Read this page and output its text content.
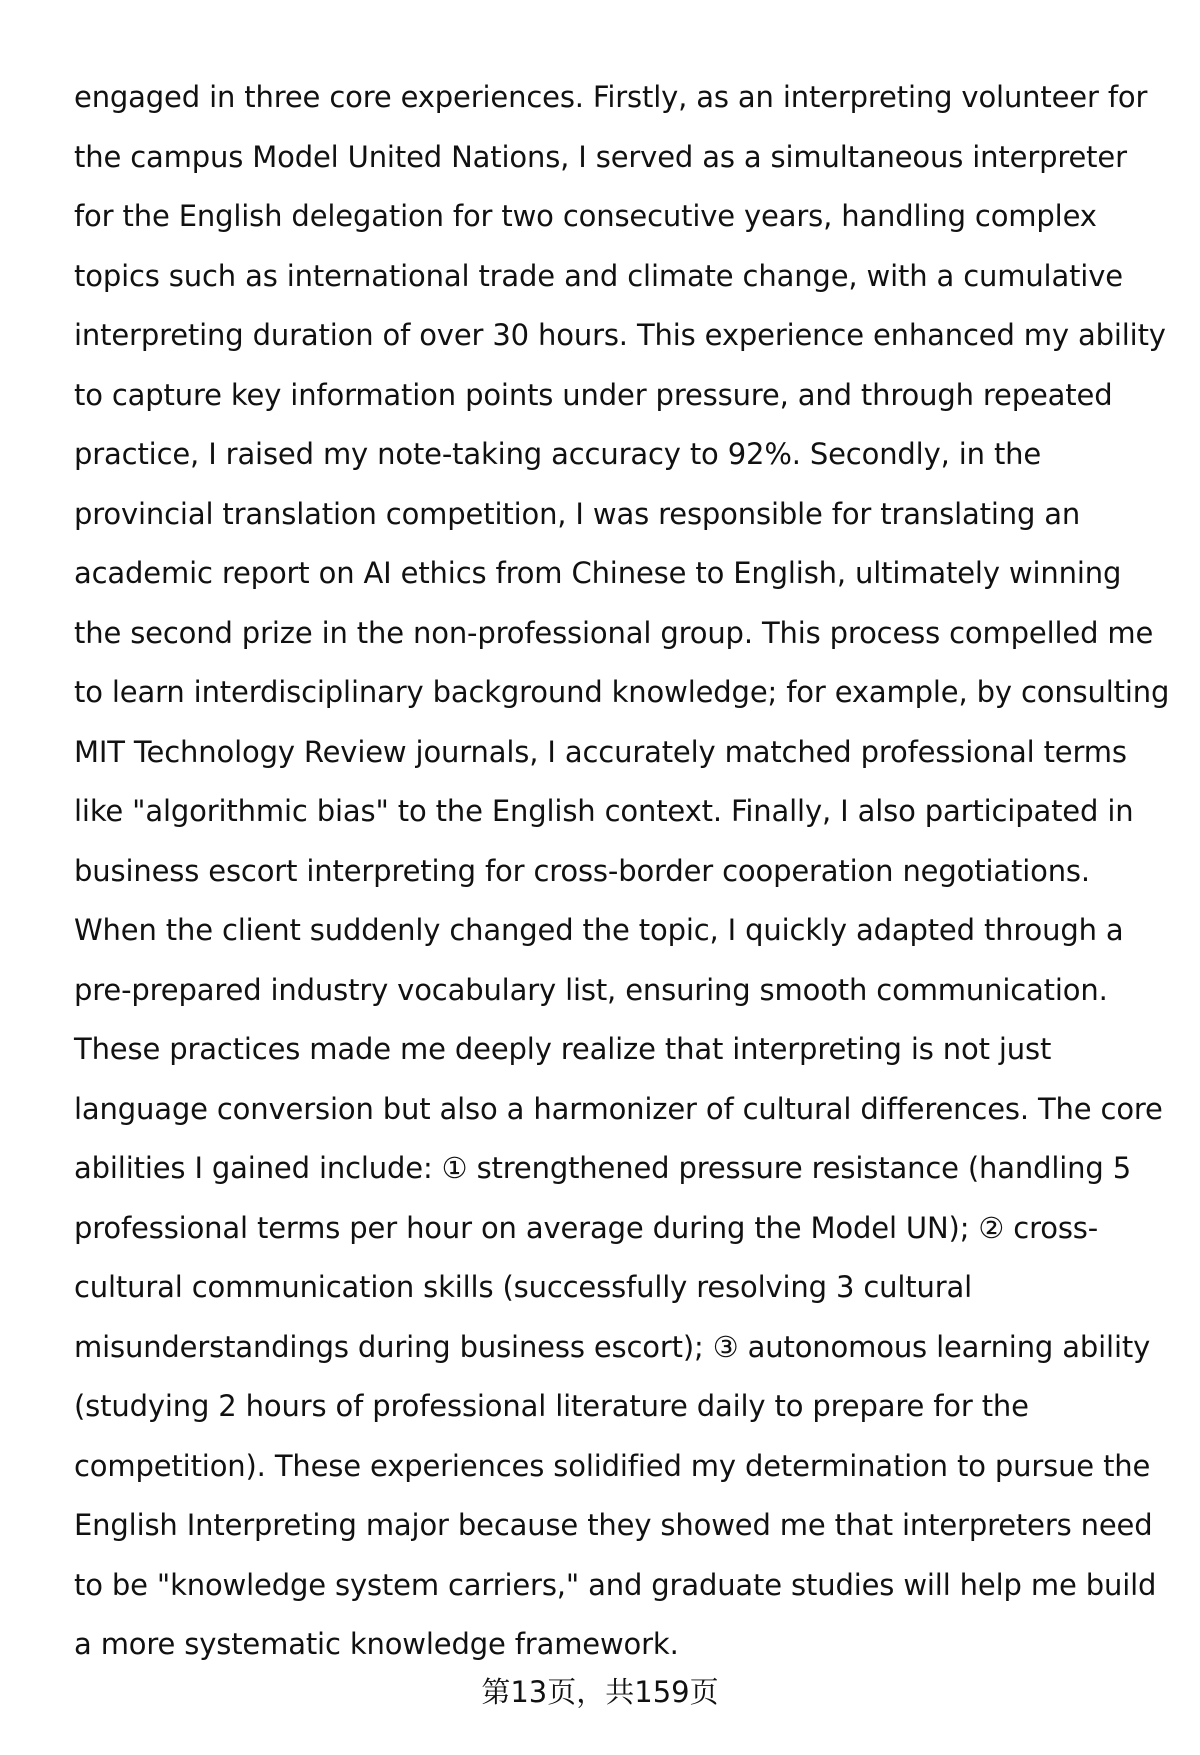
engaged in three core experiences. Firstly, as an interpreting volunteer for
the campus Model United Nations, I served as a simultaneous interpreter
for the English delegation for two consecutive years, handling complex
topics such as international trade and climate change, with a cumulative
interpreting duration of over 30 hours. This experience enhanced my ability
to capture key information points under pressure, and through repeated
practice, I raised my note-taking accuracy to 92%. Secondly, in the
provincial translation competition, I was responsible for translating an
academic report on AI ethics from Chinese to English, ultimately winning
the second prize in the non-professional group. This process compelled me
to learn interdisciplinary background knowledge; for example, by consulting
MIT Technology Review journals, I accurately matched professional terms
like "algorithmic bias" to the English context. Finally, I also participated in
business escort interpreting for cross-border cooperation negotiations.
When the client suddenly changed the topic, I quickly adapted through a
pre-prepared industry vocabulary list, ensuring smooth communication.
These practices made me deeply realize that interpreting is not just
language conversion but also a harmonizer of cultural differences. The core
abilities I gained include: ① strengthened pressure resistance (handling 5
professional terms per hour on average during the Model UN); ② cross-
cultural communication skills (successfully resolving 3 cultural
misunderstandings during business escort); ③ autonomous learning ability
(studying 2 hours of professional literature daily to prepare for the
competition). These experiences solidified my determination to pursue the
English Interpreting major because they showed me that interpreters need
to be "knowledge system carriers," and graduate studies will help me build
a more systematic knowledge framework.
第13页，共159页
